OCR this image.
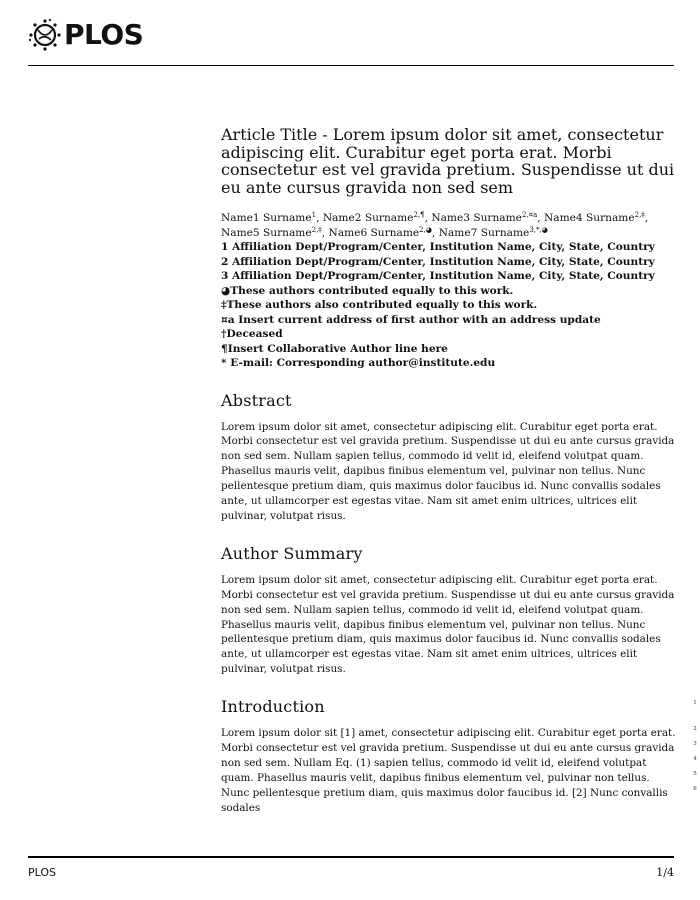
PLOS
Article Title - Lorem ipsum dolor sit amet, consectetur adipiscing elit. Curabitur eget porta erat. Morbi consectetur est vel gravida pretium. Suspendisse ut dui eu ante cursus gravida non sed sem
Name1 Surname$^1$, Name2 Surname$^{2,\P}$, Name3 Surname$^{2,¤a}$, Name4 Surname$^{2,\ddagger}$, Name5 Surname$^{2,\ddagger}$, Name6 Surname$^{2,◕}$, Name7 Surname$^{3,*,◕}$
1 Affiliation Dept/Program/Center, Institution Name, City, State, Country
2 Affiliation Dept/Program/Center, Institution Name, City, State, Country
3 Affiliation Dept/Program/Center, Institution Name, City, State, Country
◕These authors contributed equally to this work.
‡These authors also contributed equally to this work.
¤a Insert current address of first author with an address update
†Deceased
¶Insert Collaborative Author line here
* E-mail: Corresponding author@institute.edu
Abstract

Lorem ipsum dolor sit amet, consectetur adipiscing elit. Curabitur eget porta erat. Morbi consectetur est vel gravida pretium. Suspendisse ut dui eu ante cursus gravida non sed sem. Nullam sapien tellus, commodo id velit id, eleifend volutpat quam. Phasellus mauris velit, dapibus finibus elementum vel, pulvinar non tellus. Nunc pellentesque pretium diam, quis maximus dolor faucibus id. Nunc convallis sodales ante, ut ullamcorper est egestas vitae. Nam sit amet enim ultrices, ultrices elit pulvinar, volutpat risus.

Author Summary

Lorem ipsum dolor sit amet, consectetur adipiscing elit. Curabitur eget porta erat. Morbi consectetur est vel gravida pretium. Suspendisse ut dui eu ante cursus gravida non sed sem. Nullam sapien tellus, commodo id velit id, eleifend volutpat quam. Phasellus mauris velit, dapibus finibus elementum vel, pulvinar non tellus. Nunc pellentesque pretium diam, quis maximus dolor faucibus id. Nunc convallis sodales ante, ut ullamcorper est egestas vitae. Nam sit amet enim ultrices, ultrices elit pulvinar, volutpat risus.

Introduction

Lorem ipsum dolor sit [1] amet, consectetur adipiscing elit. Curabitur eget porta erat. Morbi consectetur est vel gravida pretium. Suspendisse ut dui eu ante cursus gravida non sed sem. Nullam Eq. (1) sapien tellus, commodo id velit id, eleifend volutpat quam. Phasellus mauris velit, dapibus finibus elementum vel, pulvinar non tellus. Nunc pellentesque pretium diam, quis maximus dolor faucibus id. [2] Nunc convallis sodales

1
2
3
4
5
6
PLOS	1/4
